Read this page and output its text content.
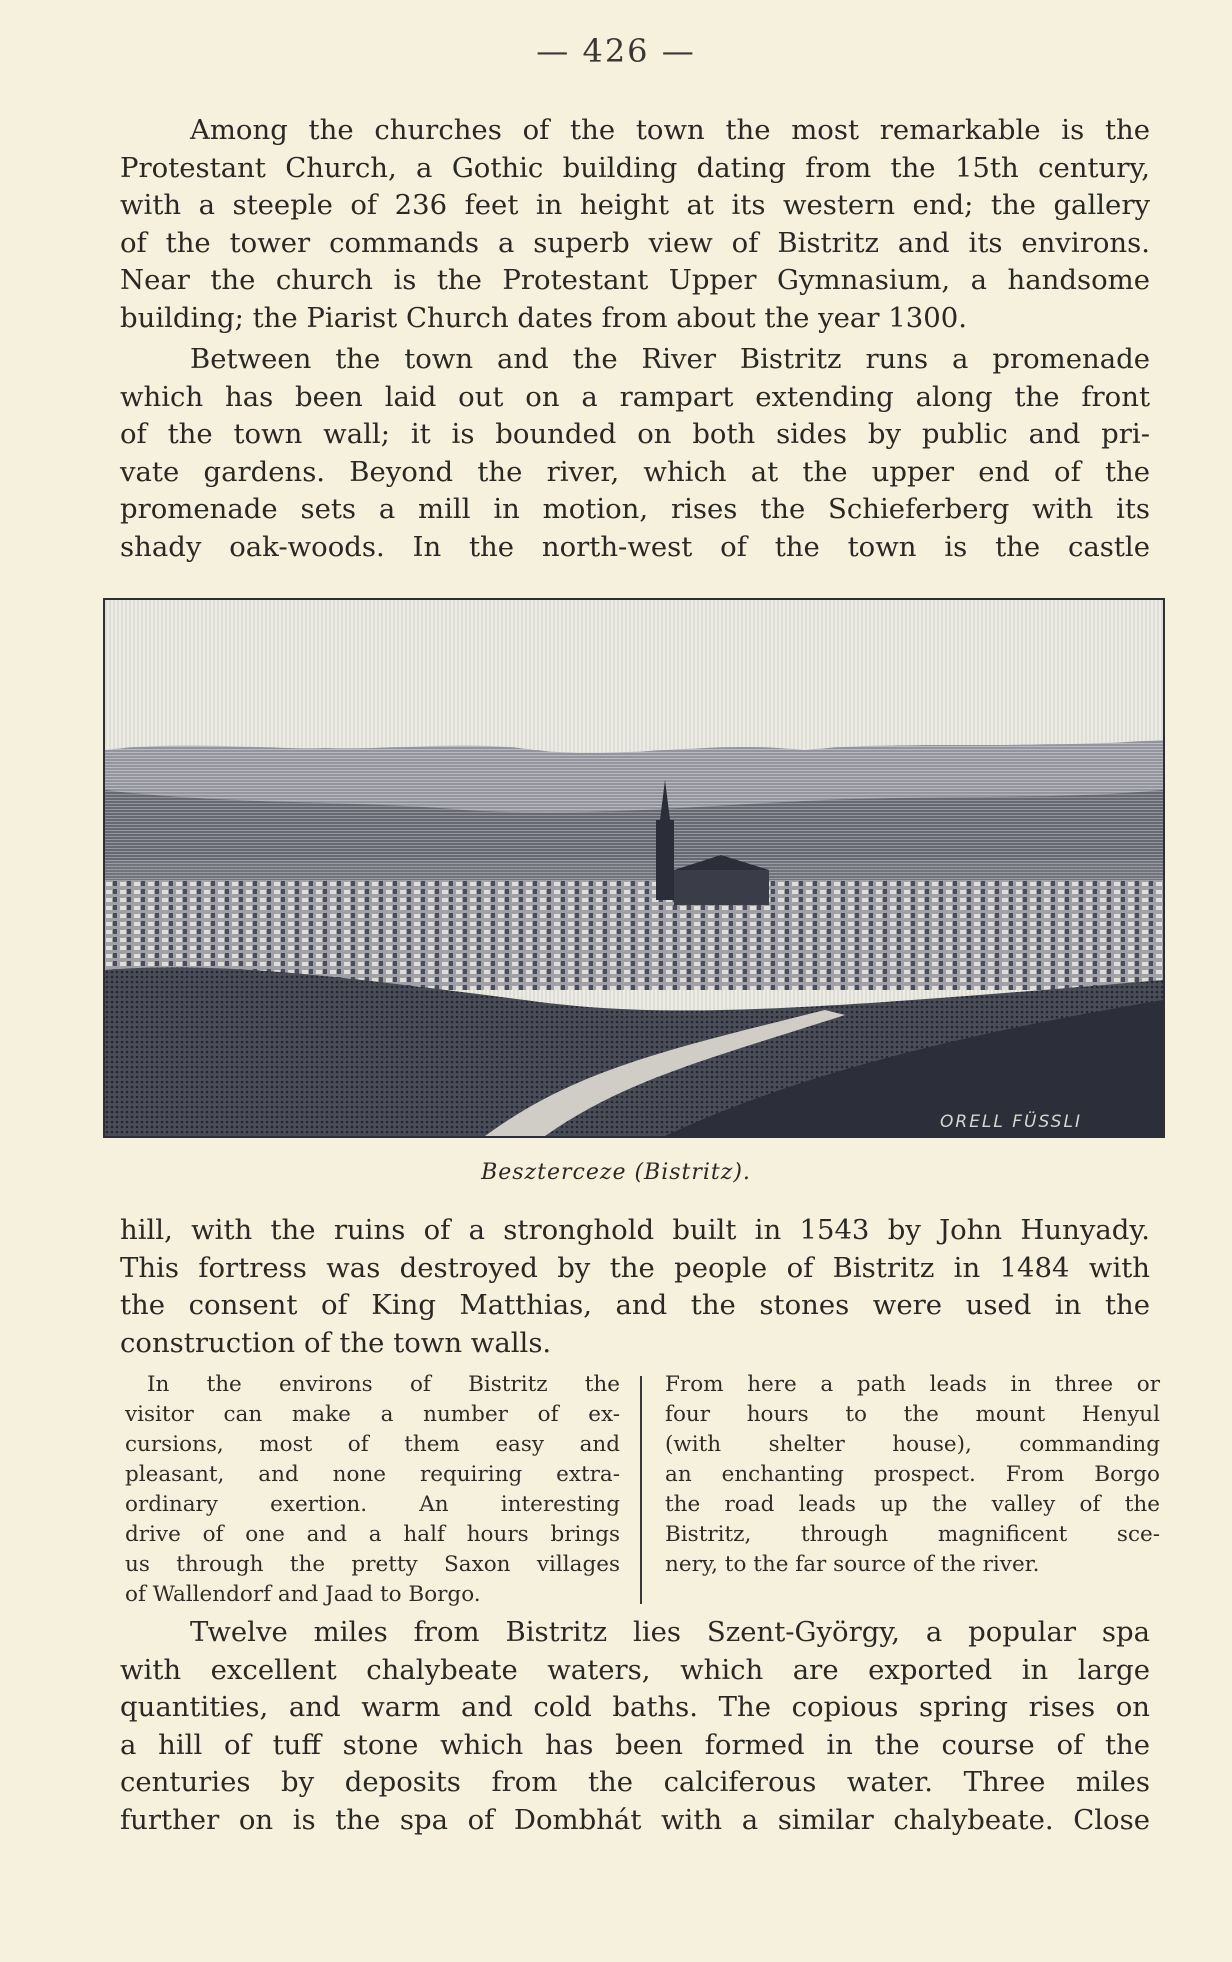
— 426 —
Among the churches of the town the most remarkable is the
Protestant Church, a Gothic building dating from the 15th century,
with a steeple of 236 feet in height at its western end; the gallery
of the tower commands a superb view of Bistritz and its environs.
Near the church is the Protestant Upper Gymnasium, a handsome
building; the Piarist Church dates from about the year 1300.
Between the town and the River Bistritz runs a promenade
which has been laid out on a rampart extending along the front
of the town wall; it is bounded on both sides by public and pri-
vate gardens. Beyond the river, which at the upper end of the
promenade sets a mill in motion, rises the Schieferberg with its
shady oak-woods. In the north-west of the town is the castle
ORELL FÜSSLI
Beszterceze (Bistritz).
hill, with the ruins of a stronghold built in 1543 by John Hunyady.
This fortress was destroyed by the people of Bistritz in 1484 with
the consent of King Matthias, and the stones were used in the
construction of the town walls.
In the environs of Bistritz the
visitor can make a number of ex-
cursions, most of them easy and
pleasant, and none requiring extra-
ordinary exertion. An interesting
drive of one and a half hours brings
us through the pretty Saxon villages
of Wallendorf and Jaad to Borgo.
From here a path leads in three or
four hours to the mount Henyul
(with shelter house), commanding
an enchanting prospect. From Borgo
the road leads up the valley of the
Bistritz, through magnificent sce-
nery, to the far source of the river.
Twelve miles from Bistritz lies Szent-György, a popular spa
with excellent chalybeate waters, which are exported in large
quantities, and warm and cold baths. The copious spring rises on
a hill of tuff stone which has been formed in the course of the
centuries by deposits from the calciferous water. Three miles
further on is the spa of Dombhát with a similar chalybeate. Close
